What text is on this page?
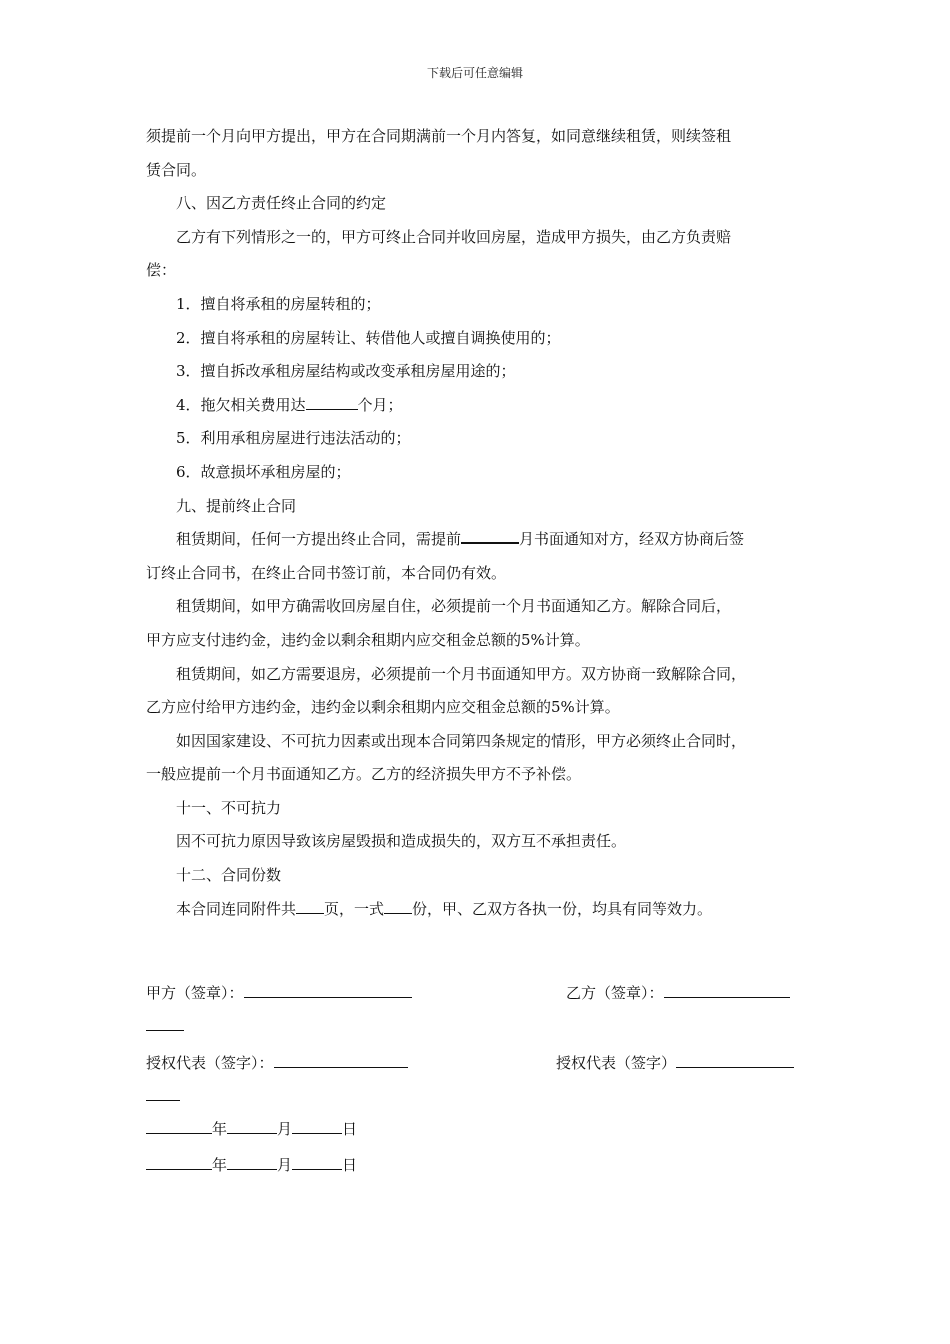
下载后可任意编辑

须提前一个月向甲方提出，甲方在合同期满前一个月内答复，如同意继续租赁，则续签租

赁合同。

八、因乙方责任终止合同的约定

乙方有下列情形之一的，甲方可终止合同并收回房屋，造成甲方损失，由乙方负责赔

偿：

1．擅自将承租的房屋转租的；

2．擅自将承租的房屋转让、转借他人或擅自调换使用的；

3．擅自拆改承租房屋结构或改变承租房屋用途的；

4．拖欠相关费用达	个月；

5．利用承租房屋进行违法活动的；

6．故意损坏承租房屋的；

九、提前终止合同

租赁期间，任何一方提出终止合同，需提前	月书面通知对方，经双方协商后签

订终止合同书，在终止合同书签订前，本合同仍有效。

租赁期间，如甲方确需收回房屋自住，必须提前一个月书面通知乙方。解除合同后，

甲方应支付违约金，违约金以剩余租期内应交租金总额的5%计算。

租赁期间，如乙方需要退房，必须提前一个月书面通知甲方。双方协商一致解除合同，

乙方应付给甲方违约金，违约金以剩余租期内应交租金总额的5%计算。

如因国家建设、不可抗力因素或出现本合同第四条规定的情形，甲方必须终止合同时，

一般应提前一个月书面通知乙方。乙方的经济损失甲方不予补偿。

十一、不可抗力

因不可抗力原因导致该房屋毁损和造成损失的，双方互不承担责任。

十二、合同份数

本合同连同附件共 页，一式 份，甲、乙双方各执一份，均具有同等效力。

甲方（签章）：	乙方（签章）：
授权代表（签字）：	授权代表（签字）
年	月	日
年	月	日
